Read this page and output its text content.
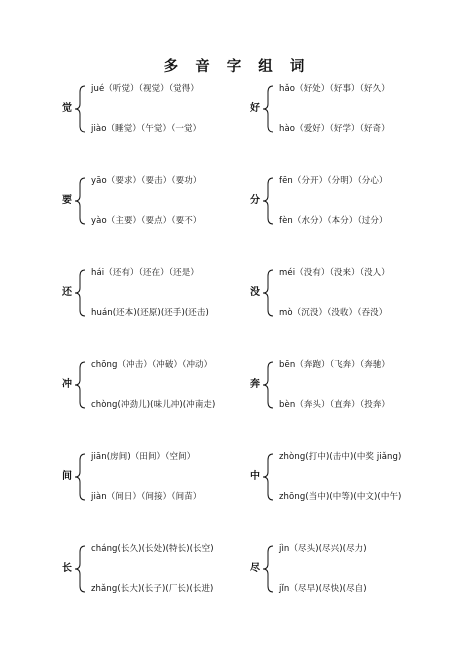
多 音 字 组 词
觉
jué（听觉）（视觉）（觉得）
jiào（睡觉）（午觉）（一觉）
好
hǎo（好处）（好事）（好久）
hào（爱好）（好学）（好奇）
要
yāo（要求）（要击）（要功）
yào（主要）（要点）（要不）
分
fēn（分开）（分明）（分心）
fèn（水分）（本分）（过分）
还
hái（还有）（还在）（还是）
huán(还本)(还原)(还手)(还击)
没
méi（没有）（没来）（没人）
mò（沉没）（没收）（吞没）
冲
chōng（冲击）（冲破）（冲动）
chòng(冲劲儿)(味儿冲)(冲南走)
奔
bēn（奔跑）（飞奔）（奔驰）
bèn（奔头）（直奔）（投奔）
间
jiān(房间)（田间）（空间）
jiàn（间日）（间接）（间苗）
中
zhòng(打中)(击中)(中奖 jiǎng)
zhōng(当中)(中等)(中文)(中午)
长
cháng(长久)(长处)(特长)(长空)
zhǎng(长大)(长子)(厂长)(长进)
尽
jìn（尽头)(尽兴)(尽力)
jǐn（尽早)(尽快)(尽自)
